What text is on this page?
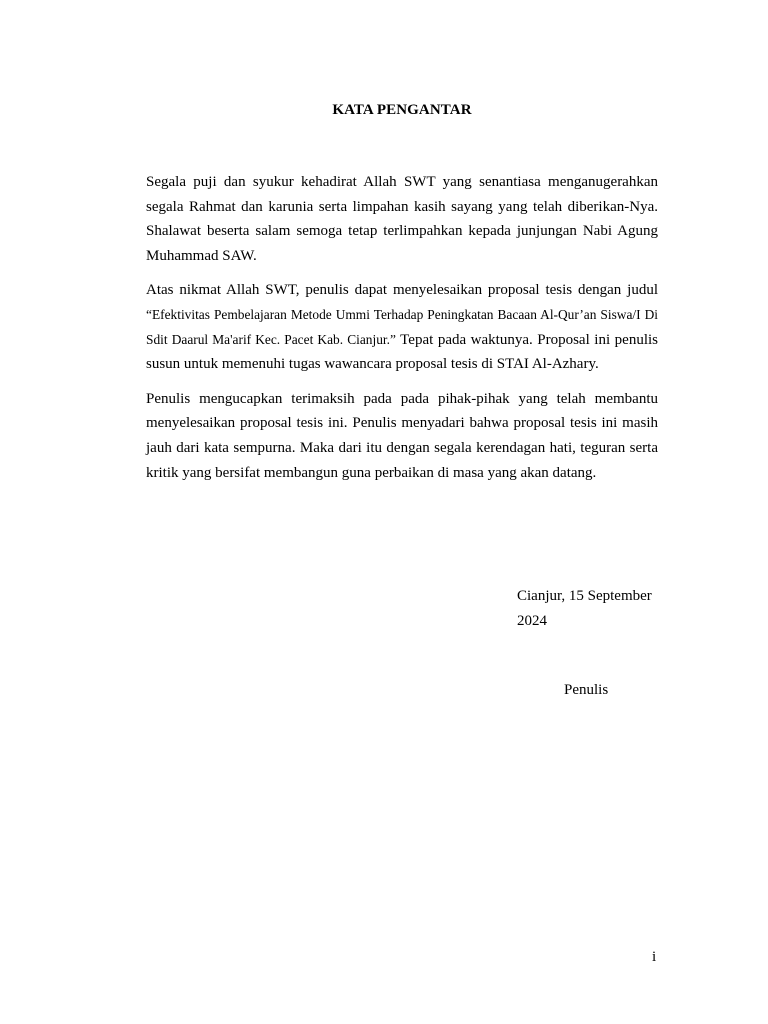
KATA PENGANTAR

Segala puji dan syukur kehadirat Allah SWT yang senantiasa menganugerahkan segala Rahmat dan karunia serta limpahan kasih sayang yang telah diberikan-Nya. Shalawat beserta salam semoga tetap terlimpahkan kepada junjungan Nabi Agung Muhammad SAW.

Atas nikmat Allah SWT, penulis dapat menyelesaikan proposal tesis dengan judul “Efektivitas Pembelajaran Metode Ummi Terhadap Peningkatan Bacaan Al-Qur’an Siswa/I Di Sdit Daarul Ma'arif Kec. Pacet Kab. Cianjur.” Tepat pada waktunya. Proposal ini penulis susun untuk memenuhi tugas wawancara proposal tesis di STAI Al-Azhary.

Penulis mengucapkan terimaksih pada pada pihak-pihak yang telah membantu menyelesaikan proposal tesis ini. Penulis menyadari bahwa proposal tesis ini masih jauh dari kata sempurna. Maka dari itu dengan segala kerendagan hati, teguran serta kritik yang bersifat membangun guna perbaikan di masa yang akan datang.

Cianjur, 15 September
2024
Penulis
i
